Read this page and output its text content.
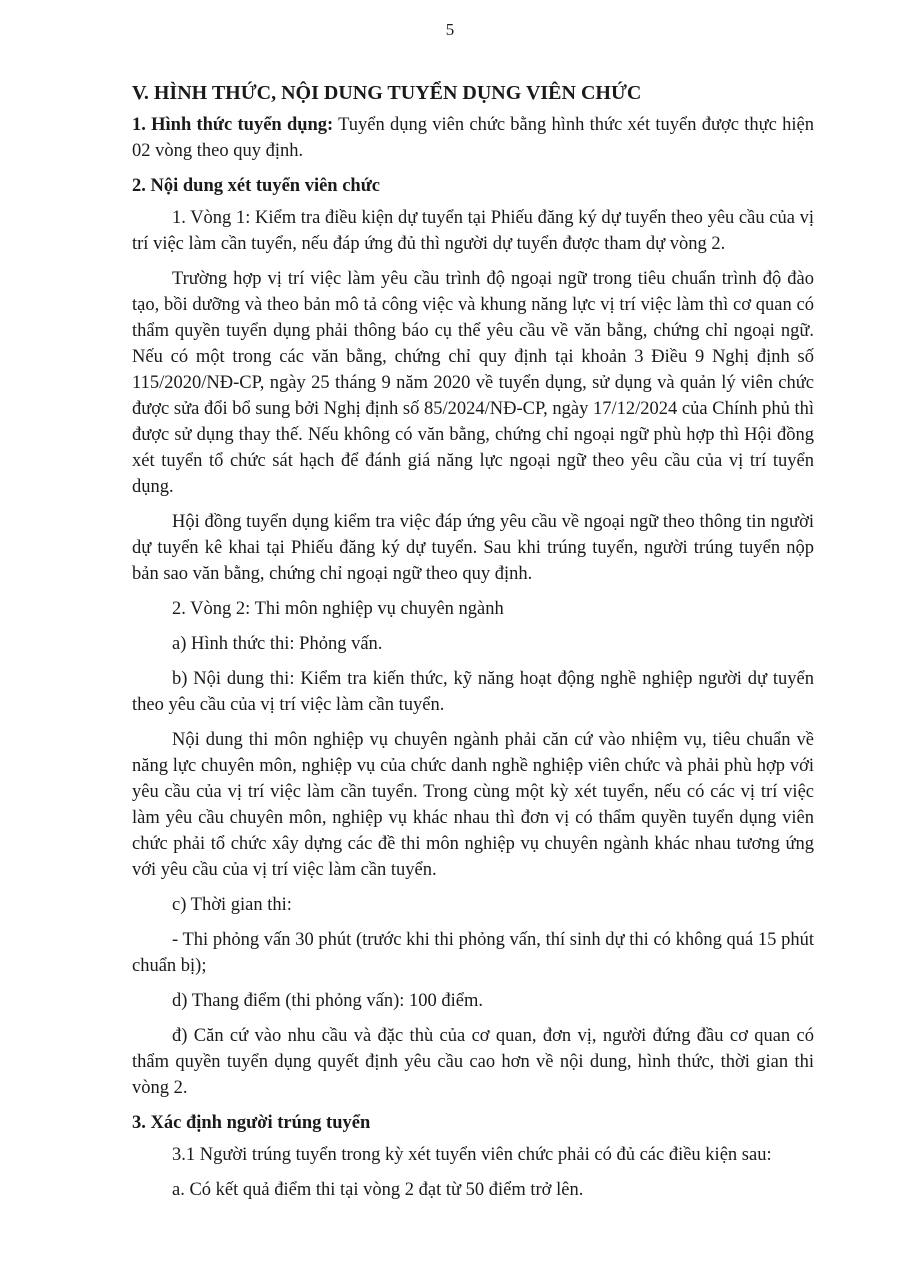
5

V. HÌNH THỨC, NỘI DUNG TUYỂN DỤNG VIÊN CHỨC

1. Hình thức tuyển dụng: Tuyển dụng viên chức bằng hình thức xét tuyển được thực hiện 02 vòng theo quy định.

2. Nội dung xét tuyển viên chức

1. Vòng 1: Kiểm tra điều kiện dự tuyển tại Phiếu đăng ký dự tuyển theo yêu cầu của vị trí việc làm cần tuyển, nếu đáp ứng đủ thì người dự tuyển được tham dự vòng 2.

Trường hợp vị trí việc làm yêu cầu trình độ ngoại ngữ trong tiêu chuẩn trình độ đào tạo, bồi dưỡng và theo bản mô tả công việc và khung năng lực vị trí việc làm thì cơ quan có thẩm quyền tuyển dụng phải thông báo cụ thể yêu cầu về văn bằng, chứng chỉ ngoại ngữ. Nếu có một trong các văn bằng, chứng chỉ quy định tại khoản 3 Điều 9 Nghị định số 115/2020/NĐ-CP, ngày 25 tháng 9 năm 2020 về tuyển dụng, sử dụng và quản lý viên chức được sửa đổi bổ sung bởi Nghị định số 85/2024/NĐ-CP, ngày 17/12/2024 của Chính phủ thì được sử dụng thay thế. Nếu không có văn bằng, chứng chỉ ngoại ngữ phù hợp thì Hội đồng xét tuyển tổ chức sát hạch để đánh giá năng lực ngoại ngữ theo yêu cầu của vị trí tuyển dụng.

Hội đồng tuyển dụng kiểm tra việc đáp ứng yêu cầu về ngoại ngữ theo thông tin người dự tuyển kê khai tại Phiếu đăng ký dự tuyển. Sau khi trúng tuyển, người trúng tuyển nộp bản sao văn bằng, chứng chỉ ngoại ngữ theo quy định.

2. Vòng 2: Thi môn nghiệp vụ chuyên ngành

a) Hình thức thi: Phỏng vấn.

b) Nội dung thi: Kiểm tra kiến thức, kỹ năng hoạt động nghề nghiệp người dự tuyển theo yêu cầu của vị trí việc làm cần tuyển.

Nội dung thi môn nghiệp vụ chuyên ngành phải căn cứ vào nhiệm vụ, tiêu chuẩn về năng lực chuyên môn, nghiệp vụ của chức danh nghề nghiệp viên chức và phải phù hợp với yêu cầu của vị trí việc làm cần tuyển. Trong cùng một kỳ xét tuyển, nếu có các vị trí việc làm yêu cầu chuyên môn, nghiệp vụ khác nhau thì đơn vị có thẩm quyền tuyển dụng viên chức phải tổ chức xây dựng các đề thi môn nghiệp vụ chuyên ngành khác nhau tương ứng với yêu cầu của vị trí việc làm cần tuyển.

c) Thời gian thi:

- Thi phỏng vấn 30 phút (trước khi thi phỏng vấn, thí sinh dự thi có không quá 15 phút chuẩn bị);

d) Thang điểm (thi phỏng vấn): 100 điểm.

đ) Căn cứ vào nhu cầu và đặc thù của cơ quan, đơn vị, người đứng đầu cơ quan có thẩm quyền tuyển dụng quyết định yêu cầu cao hơn về nội dung, hình thức, thời gian thi vòng 2.

3. Xác định người trúng tuyển

3.1 Người trúng tuyển trong kỳ xét tuyển viên chức phải có đủ các điều kiện sau:

a. Có kết quả điểm thi tại vòng 2 đạt từ 50 điểm trở lên.
